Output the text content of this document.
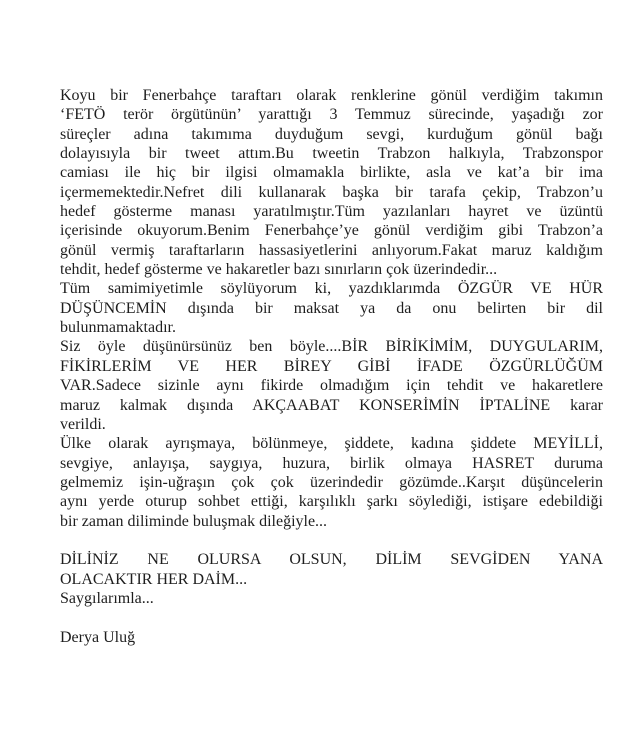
Koyu bir Fenerbahçe taraftarı olarak renklerine gönül verdiğim takımın
‘FETÖ terör örgütünün’ yarattığı 3 Temmuz sürecinde, yaşadığı zor
süreçler adına takımıma duyduğum sevgi, kurduğum gönül bağı
dolayısıyla bir tweet attım.Bu tweetin Trabzon halkıyla, Trabzonspor
camiası ile hiç bir ilgisi olmamakla birlikte, asla ve kat’a bir ima
içermemektedir.Nefret dili kullanarak başka bir tarafa çekip, Trabzon’u
hedef gösterme manası yaratılmıştır.Tüm yazılanları hayret ve üzüntü
içerisinde okuyorum.Benim Fenerbahçe’ye gönül verdiğim gibi Trabzon’a
gönül vermiş taraftarların hassasiyetlerini anlıyorum.Fakat maruz kaldığım
tehdit, hedef gösterme ve hakaretler bazı sınırların çok üzerindedir...
Tüm samimiyetimle söylüyorum ki, yazdıklarımda ÖZGÜR VE HÜR
DÜŞÜNCEMİN dışında bir maksat ya da onu belirten bir dil
bulunmamaktadır.
Siz öyle düşünürsünüz ben böyle....BİR BİRİKİMİM, DUYGULARIM,
FİKİRLERİM VE HER BİREY GİBİ İFADE ÖZGÜRLÜĞÜM
VAR.Sadece sizinle aynı fikirde olmadığım için tehdit ve hakaretlere
maruz kalmak dışında AKÇAABAT KONSERİMİN İPTALİNE karar
verildi.
Ülke olarak ayrışmaya, bölünmeye, şiddete, kadına şiddete MEYİLLİ,
sevgiye, anlayışa, saygıya, huzura, birlik olmaya HASRET duruma
gelmemiz işin-uğraşın çok çok üzerindedir gözümde..Karşıt düşüncelerin
aynı yerde oturup sohbet ettiği, karşılıklı şarkı söylediği, istişare edebildiği
bir zaman diliminde buluşmak dileğiyle...
DİLİNİZ NE OLURSA OLSUN, DİLİM SEVGİDEN YANA
OLACAKTIR HER DAİM...
Saygılarımla...
Derya Uluğ
